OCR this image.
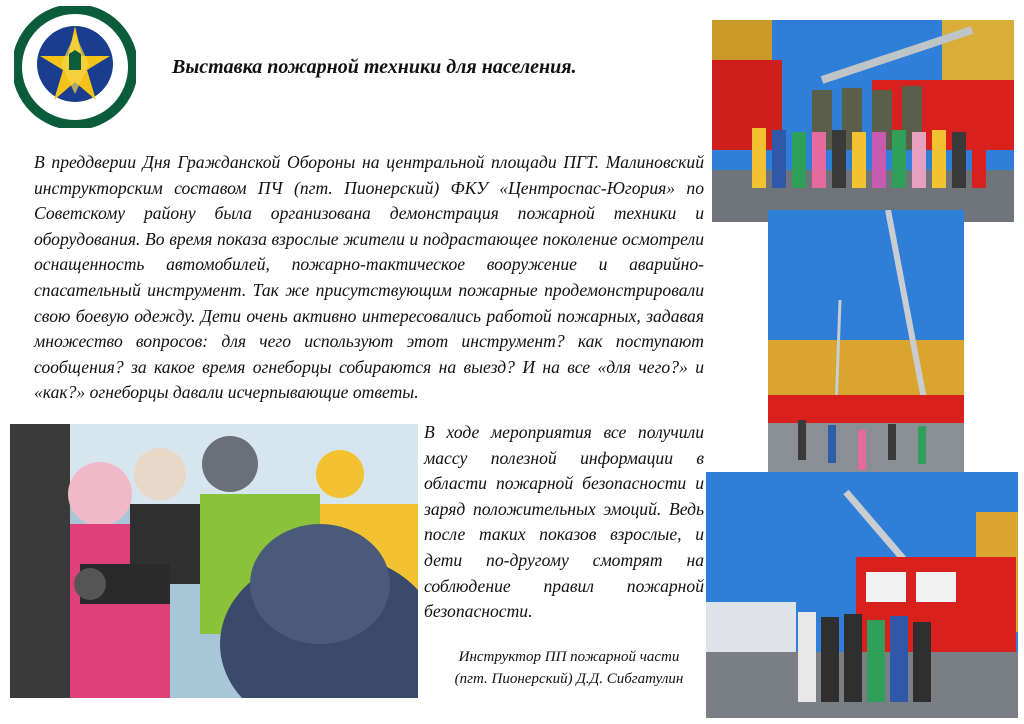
Выставка пожарной техники для населения.
В преддверии Дня Гражданской Обороны на центральной площади ПГТ. Малиновский инструкторским составом ПЧ (пгт. Пионерский) ФКУ «Центроспас-Югория» по Советскому району была организована демонстрация пожарной техники и оборудования. Во время показа взрослые жители и подрастающее поколение осмотрели оснащенность автомобилей, пожарно-тактическое вооружение и аварийно-спасательный инструмент. Так же присутствующим пожарные продемонстрировали свою боевую одежду. Дети очень активно интересовались работой пожарных, задавая множество вопросов: для чего используют этот инструмент? как поступают сообщения? за какое время огнеборцы собираются на выезд? И на все «для чего?» и «как?» огнеборцы давали исчерпывающие ответы.
В ходе мероприятия все получили массу полезной информации в области пожарной безопасности и заряд положительных эмоций. Ведь после таких показов взрослые, и дети по-другому смотрят на соблюдение правил пожарной безопасности.
Инструктор ПП пожарной части
(пгт. Пионерский) Д.Д. Сибгатулин
